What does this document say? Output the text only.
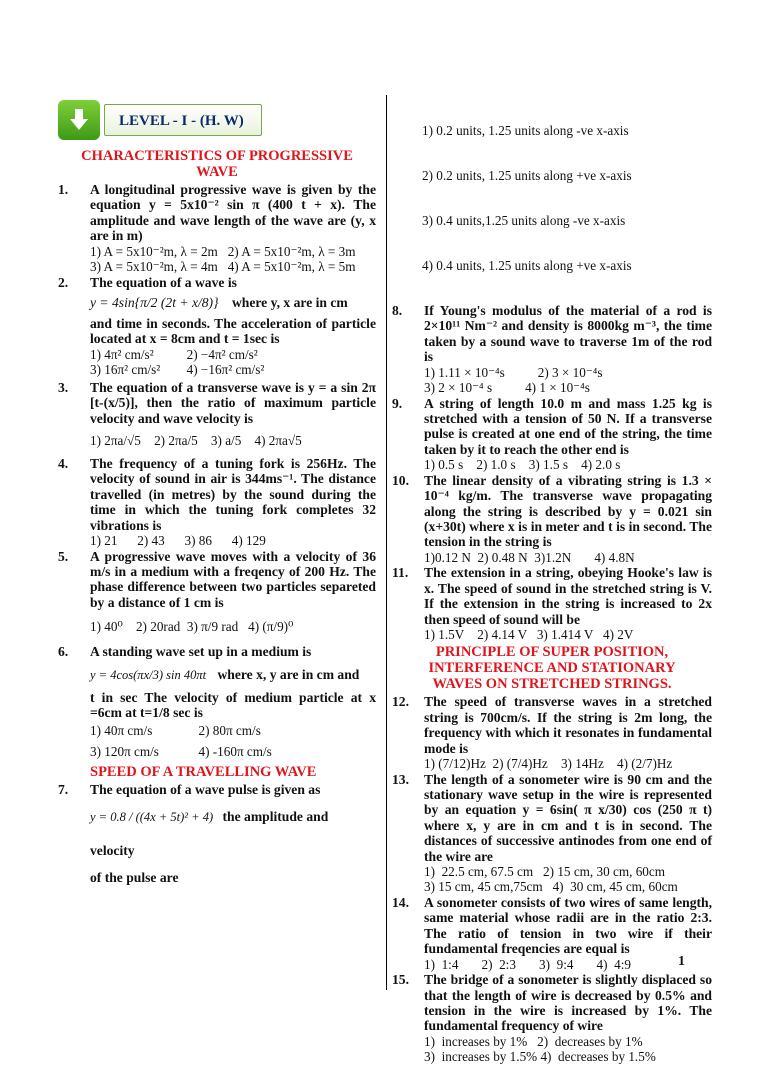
LEVEL - I - (H. W)
CHARACTERISTICS OF PROGRESSIVE WAVE
1. A longitudinal progressive wave is given by the equation y = 5x10⁻² sin π (400 t + x). The amplitude and wave length of the wave are (y, x are in m)
1) A = 5x10⁻²m, λ = 2m 2) A = 5x10⁻²m, λ = 3m
3) A = 5x10⁻²m, λ = 4m 4) A = 5x10⁻²m, λ = 5m
2. The equation of a wave is
y = 4sin{π/2 (2t + x/8)} where y, x are in cm
and time in seconds. The acceleration of particle located at x = 8cm and t = 1sec is
1) 4π² cm/s² 2) −4π² cm/s²
3) 16π² cm/s² 4) −16π² cm/s²
3. The equation of a transverse wave is y = a sin 2π [t-(x/5)], then the ratio of maximum particle velocity and wave velocity is
1) 2πa/√5 2) 2πa/5 3) a/5 4) 2πa√5
4. The frequency of a tuning fork is 256Hz. The velocity of sound in air is 344ms⁻¹. The distance travelled (in metres) by the sound during the time in which the tuning fork completes 32 vibrations is
1) 21      2) 43      3) 86      4) 129
5. A progressive wave moves with a velocity of 36 m/s in a medium with a freqency of 200 Hz. The phase difference between two particles separeted by a distance of 1 cm is
1) 40⁰ 2) 20rad 3) π/9 rad 4) (π/9)⁰
6. A standing wave set up in a medium is
y = 4cos(πx/3) sin 40πt where x, y are in cm and
t in sec The velocity of medium particle at x =6cm at t=1/8 sec is
1) 40π cm/s	2) 80π cm/s
3) 120π cm/s	4) -160π cm/s
SPEED OF A TRAVELLING WAVE
7. The equation of a wave pulse is given as
y = 0.8 / ((4x + 5t)² + 4) the amplitude and velocity
of the pulse are

1) 0.2 units, 1.25 units along -ve x-axis

2) 0.2 units, 1.25 units along +ve x-axis

3) 0.4 units,1.25 units along -ve x-axis

4) 0.4 units, 1.25 units along +ve x-axis

8. If Young's modulus of the material of a rod is 2×10¹¹ Nm⁻² and density is 8000kg m⁻³, the time taken by a sound wave to traverse 1m of the rod is
1) 1.11 × 10⁻⁴s 2) 3 × 10⁻⁴s
3) 2 × 10⁻⁴ s 4) 1 × 10⁻⁴s
9. A string of length 10.0 m and mass 1.25 kg is stretched with a tension of 50 N. If a transverse pulse is created at one end of the string, the time taken by it to reach the other end is
1) 0.5 s    2) 1.0 s    3) 1.5 s    4) 2.0 s
10. The linear density of a vibrating string is 1.3 × 10⁻⁴ kg/m. The transverse wave propagating along the string is described by y = 0.021 sin (x+30t) where x is in meter and t is in second. The tension in the string is
1)0.12 N  2) 0.48 N  3)1.2N       4) 4.8N
11. The extension in a string, obeying Hooke's law is x. The speed of sound in the stretched string is V. If the extension in the string is increased to 2x then speed of sound will be
1) 1.5V    2) 4.14 V   3) 1.414 V   4) 2V
PRINCIPLE OF SUPER POSITION, INTERFERENCE AND STATIONARY WAVES ON STRETCHED STRINGS.
12. The speed of transverse waves in a stretched string is 700cm/s. If the string is 2m long, the frequency with which it resonates in fundamental mode is
1) (7/12)Hz  2) (7/4)Hz    3) 14Hz    4) (2/7)Hz
13. The length of a sonometer wire is 90 cm and the stationary wave setup in the wire is represented by an equation y = 6sin( π x/30) cos (250 π t) where x, y are in cm and t is in second. The distances of successive antinodes from one end of the wire are
1)  22.5 cm, 67.5 cm 2) 15 cm, 30 cm, 60cm
3) 15 cm, 45 cm,75cm 4)  30 cm, 45 cm, 60cm
14. A sonometer consists of two wires of same length, same material whose radii are in the ratio 2:3. The ratio of tension in two wire if their fundamental freqencies are equal is
1)  1:4       2)  2:3       3)  9:4       4)  4:9
15. The bridge of a sonometer is slightly displaced so that the length of wire is decreased by 0.5% and tension in the wire is increased by 1%. The fundamental frequency of wire
1)  increases by 1% 2)  decreases by 1%
3)  increases by 1.5% 4)  decreases by 1.5%
1
